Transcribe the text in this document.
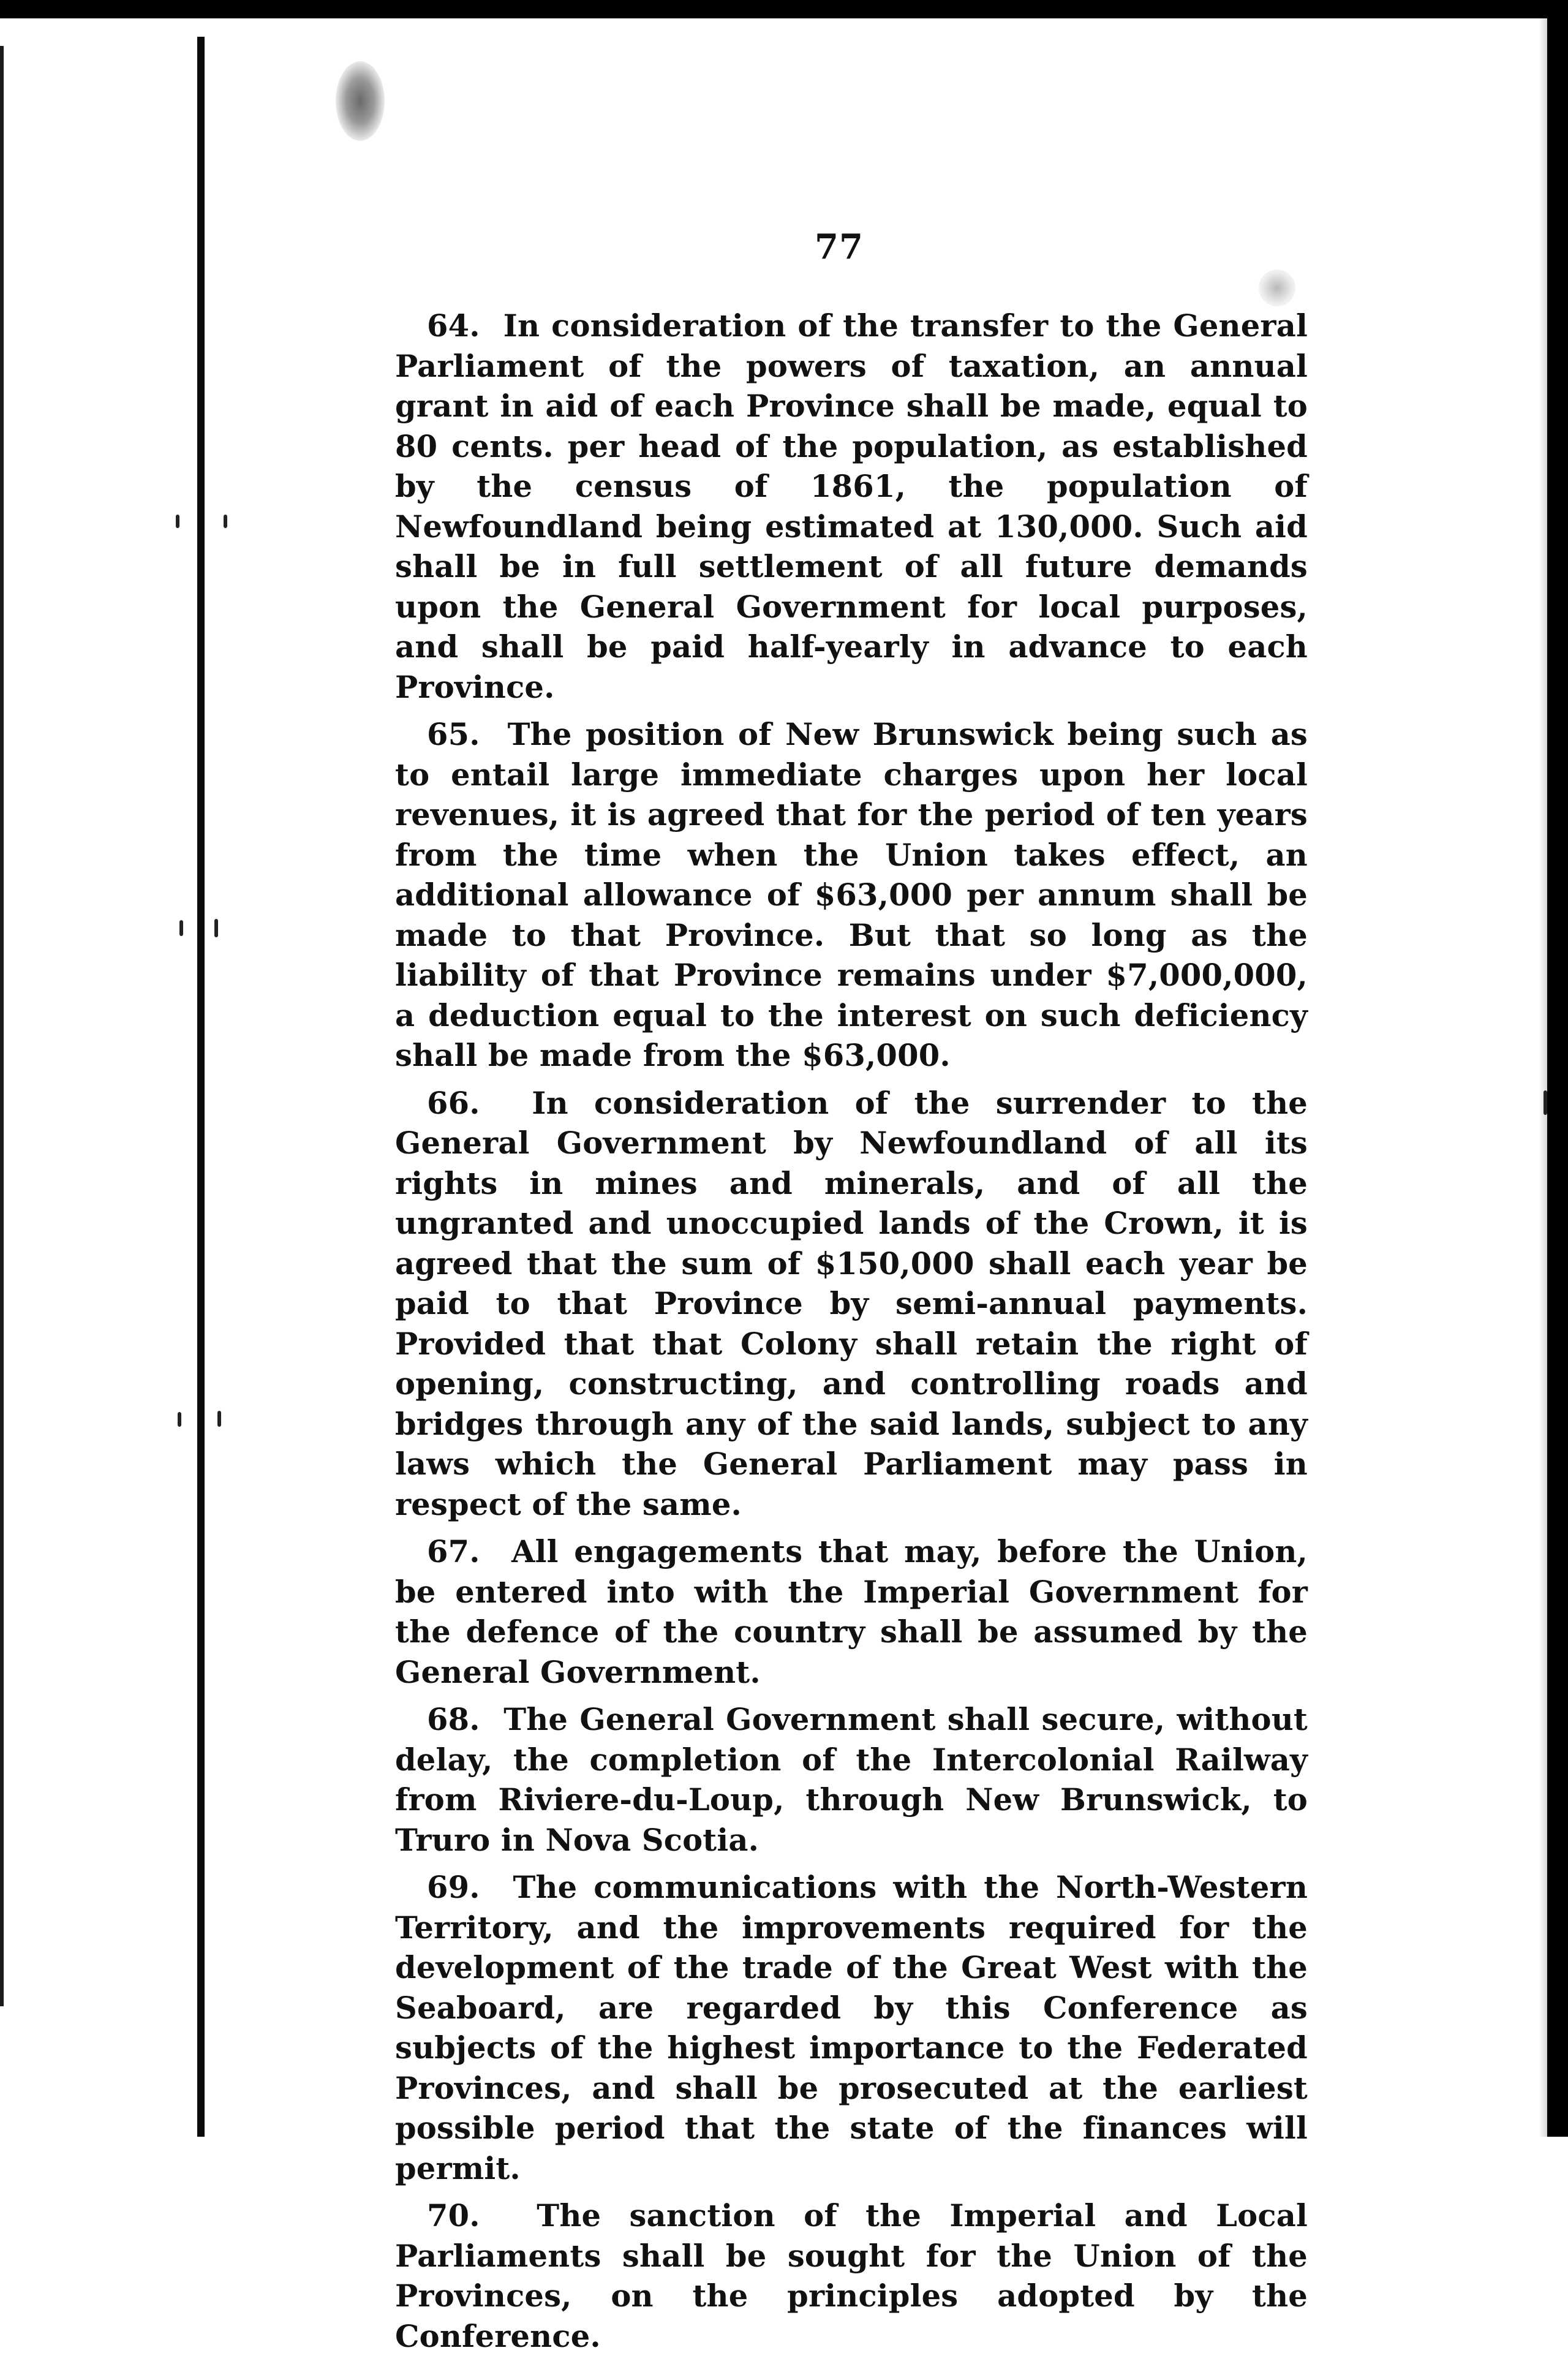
77

64. In consideration of the transfer to the General Parliament of the powers of taxation, an annual grant in aid of each Province shall be made, equal to 80 cents. per head of the population, as established by the census of 1861, the population of Newfoundland being estimated at 130,000. Such aid shall be in full settlement of all future demands upon the General Government for local purposes, and shall be paid half-yearly in advance to each Province.

65. The position of New Brunswick being such as to entail large immediate charges upon her local revenues, it is agreed that for the period of ten years from the time when the Union takes effect, an additional allowance of $63,000 per annum shall be made to that Province. But that so long as the liability of that Province remains under $7,000,000, a deduction equal to the interest on such deficiency shall be made from the $63,000.

66. In consideration of the surrender to the General Government by Newfoundland of all its rights in mines and minerals, and of all the ungranted and unoccupied lands of the Crown, it is agreed that the sum of $150,000 shall each year be paid to that Province by semi-annual payments. Provided that that Colony shall retain the right of opening, constructing, and controlling roads and bridges through any of the said lands, subject to any laws which the General Parliament may pass in respect of the same.

67. All engagements that may, before the Union, be entered into with the Imperial Government for the defence of the country shall be assumed by the General Government.

68. The General Government shall secure, without delay, the completion of the Intercolonial Railway from Riviere-du-Loup, through New Brunswick, to Truro in Nova Scotia.

69. The communications with the North-Western Territory, and the improvements required for the development of the trade of the Great West with the Seaboard, are regarded by this Conference as subjects of the highest importance to the Federated Provinces, and shall be prosecuted at the earliest possible period that the state of the finances will permit.

70. The sanction of the Imperial and Local Parliaments shall be sought for the Union of the Provinces, on the principles adopted by the Conference.
